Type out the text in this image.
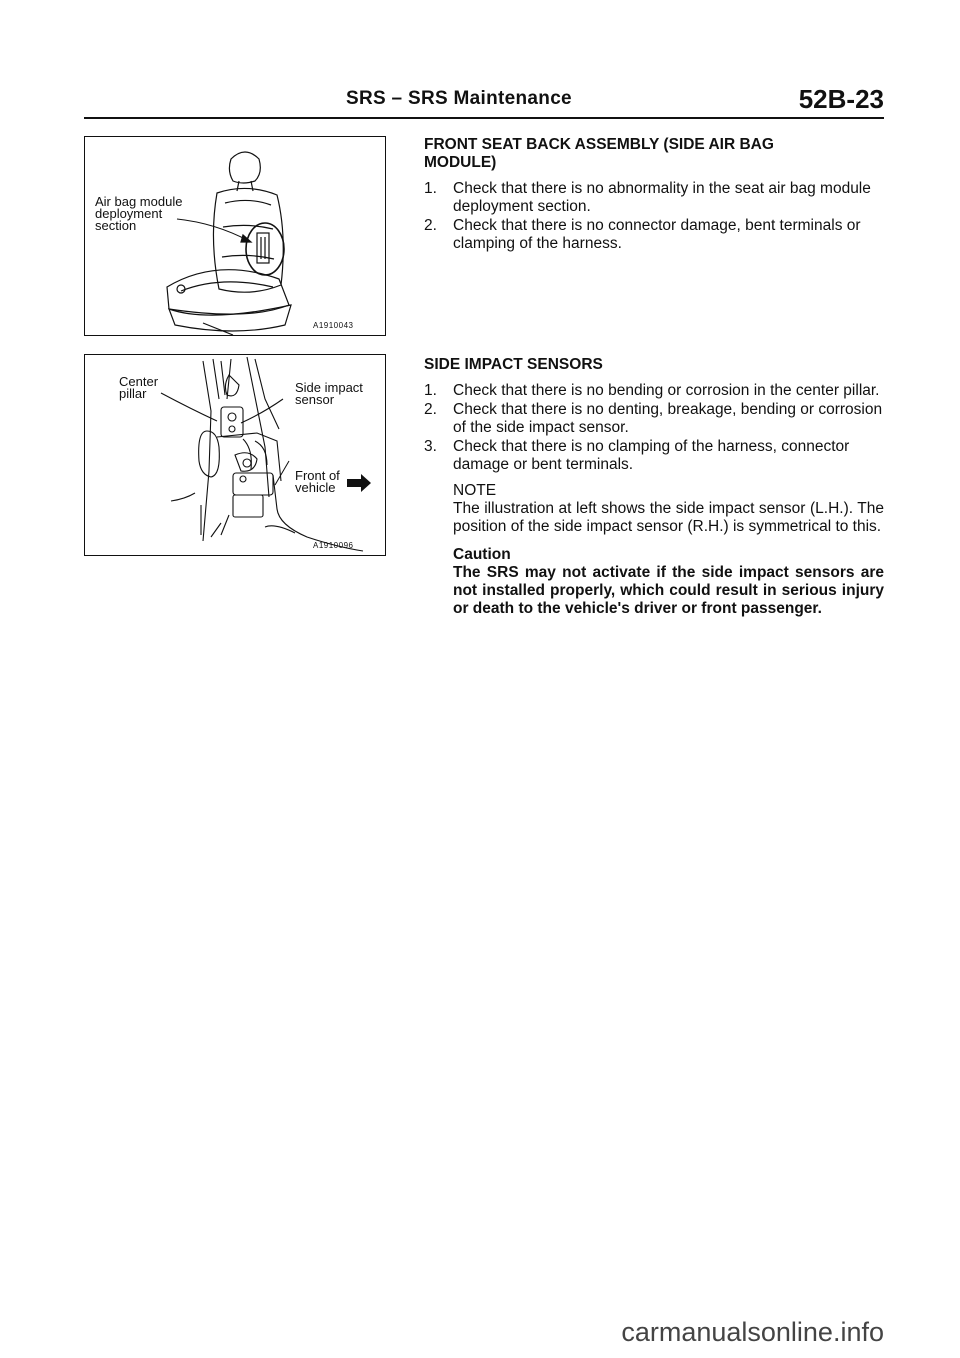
SRS – SRS Maintenance	52B-23
Air bag module
deployment
section
A1910043
Center
pillar	Side impact
sensor
Front of
vehicle
A1910096

FRONT SEAT BACK ASSEMBLY (SIDE AIR BAG
MODULE)

1. Check that there is no abnormality in the seat air bag module deployment section.
2. Check that there is no connector damage, bent terminals or clamping of the harness.

SIDE IMPACT SENSORS

1. Check that there is no bending or corrosion in the center pillar.
2. Check that there is no denting, breakage, bending or corrosion of the side impact sensor.
3. Check that there is no clamping of the harness, connector damage or bent terminals.

NOTE

The illustration at left shows the side impact sensor (L.H.). The position of the side impact sensor (R.H.) is symmetrical to this.

Caution

The SRS may not activate if the side impact sensors are not installed properly, which could result in serious injury or death to the vehicle's driver or front passenger.

carmanualsonline.info
